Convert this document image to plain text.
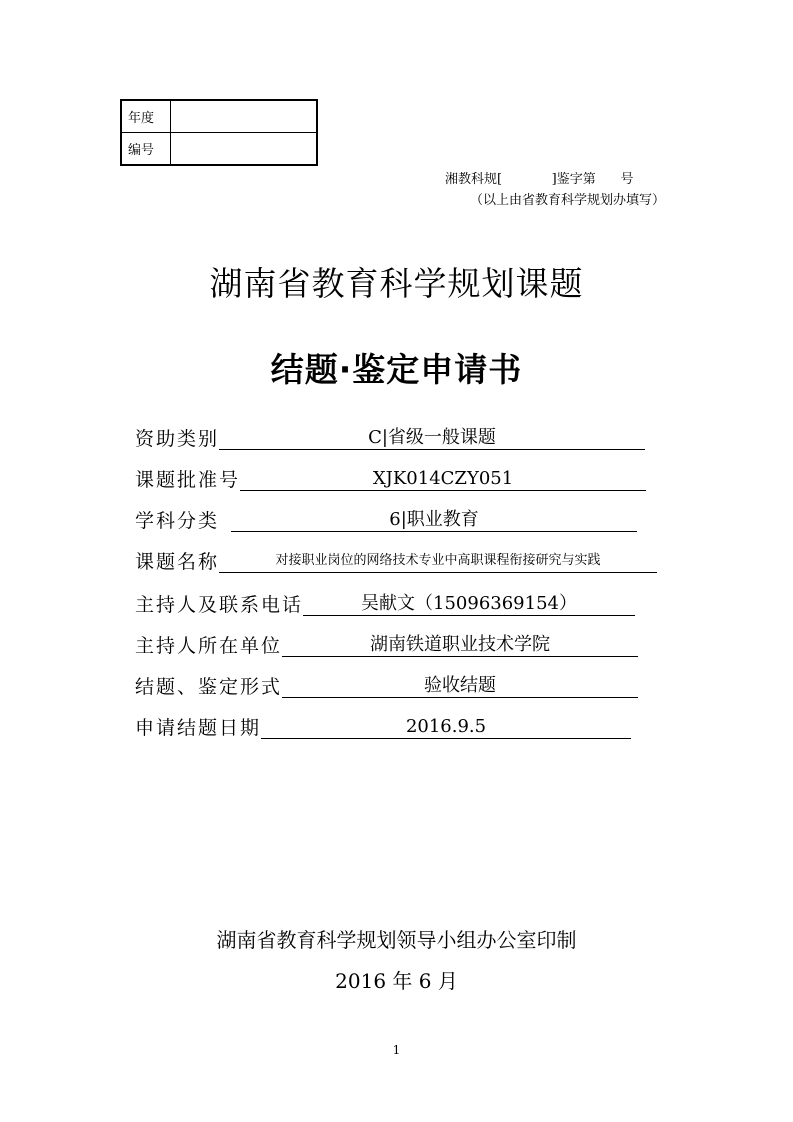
年度	
编号	
湘教科规[            ]鉴字第      号
（以上由省教育科学规划办填写）
湖南省教育科学规划课题
结题·鉴定申请书
资助类别	C|省级一般课题
课题批准号	XJK014CZY051
学科分类	6|职业教育
课题名称	对接职业岗位的网络技术专业中高职课程衔接研究与实践
主持人及联系电话	吴献文（15096369154）
主持人所在单位	湖南铁道职业技术学院
结题、鉴定形式	验收结题
申请结题日期	2016.9.5
湖南省教育科学规划领导小组办公室印制
2016 年 6 月
1
